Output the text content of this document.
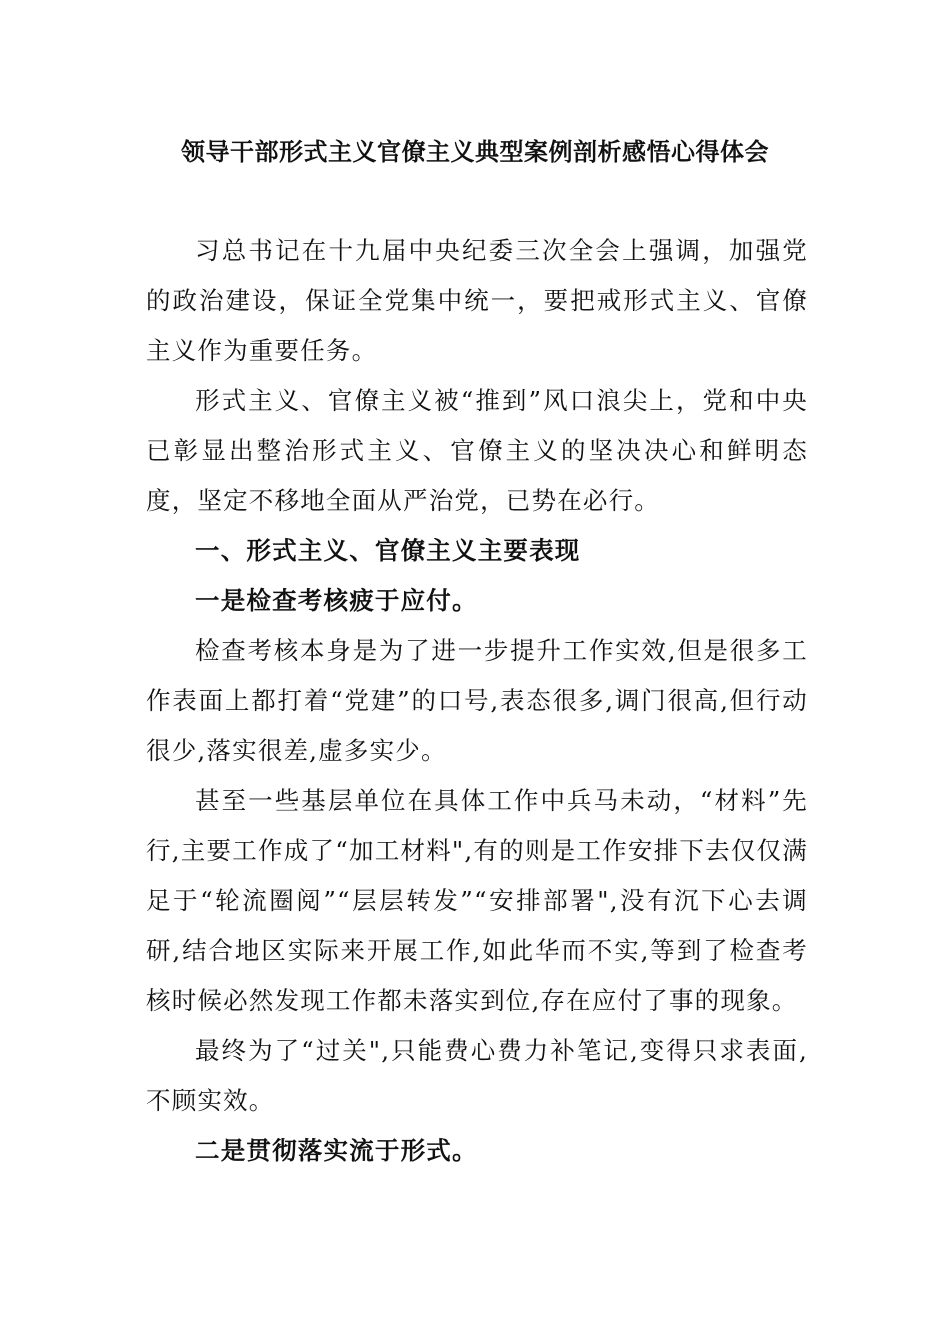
领导干部形式主义官僚主义典型案例剖析感悟心得体会

习总书记在十九届中央纪委三次全会上强调，加强党的政治建设，保证全党集中统一，要把戒形式主义、官僚主义作为重要任务。

形式主义、官僚主义被“推到”风口浪尖上，党和中央已彰显出整治形式主义、官僚主义的坚决决心和鲜明态度，坚定不移地全面从严治党，已势在必行。

一、形式主义、官僚主义主要表现

一是检查考核疲于应付。

检查考核本身是为了进一步提升工作实效,但是很多工作表面上都打着“党建”的口号,表态很多,调门很高,但行动很少,落实很差,虚多实少。

甚至一些基层单位在具体工作中兵马未动，“材料”先行,主要工作成了“加工材料",有的则是工作安排下去仅仅满足于“轮流圈阅”“层层转发”“安排部署",没有沉下心去调研,结合地区实际来开展工作,如此华而不实,等到了检查考核时候必然发现工作都未落实到位,存在应付了事的现象。

最终为了“过关",只能费心费力补笔记,变得只求表面,不顾实效。

二是贯彻落实流于形式。
